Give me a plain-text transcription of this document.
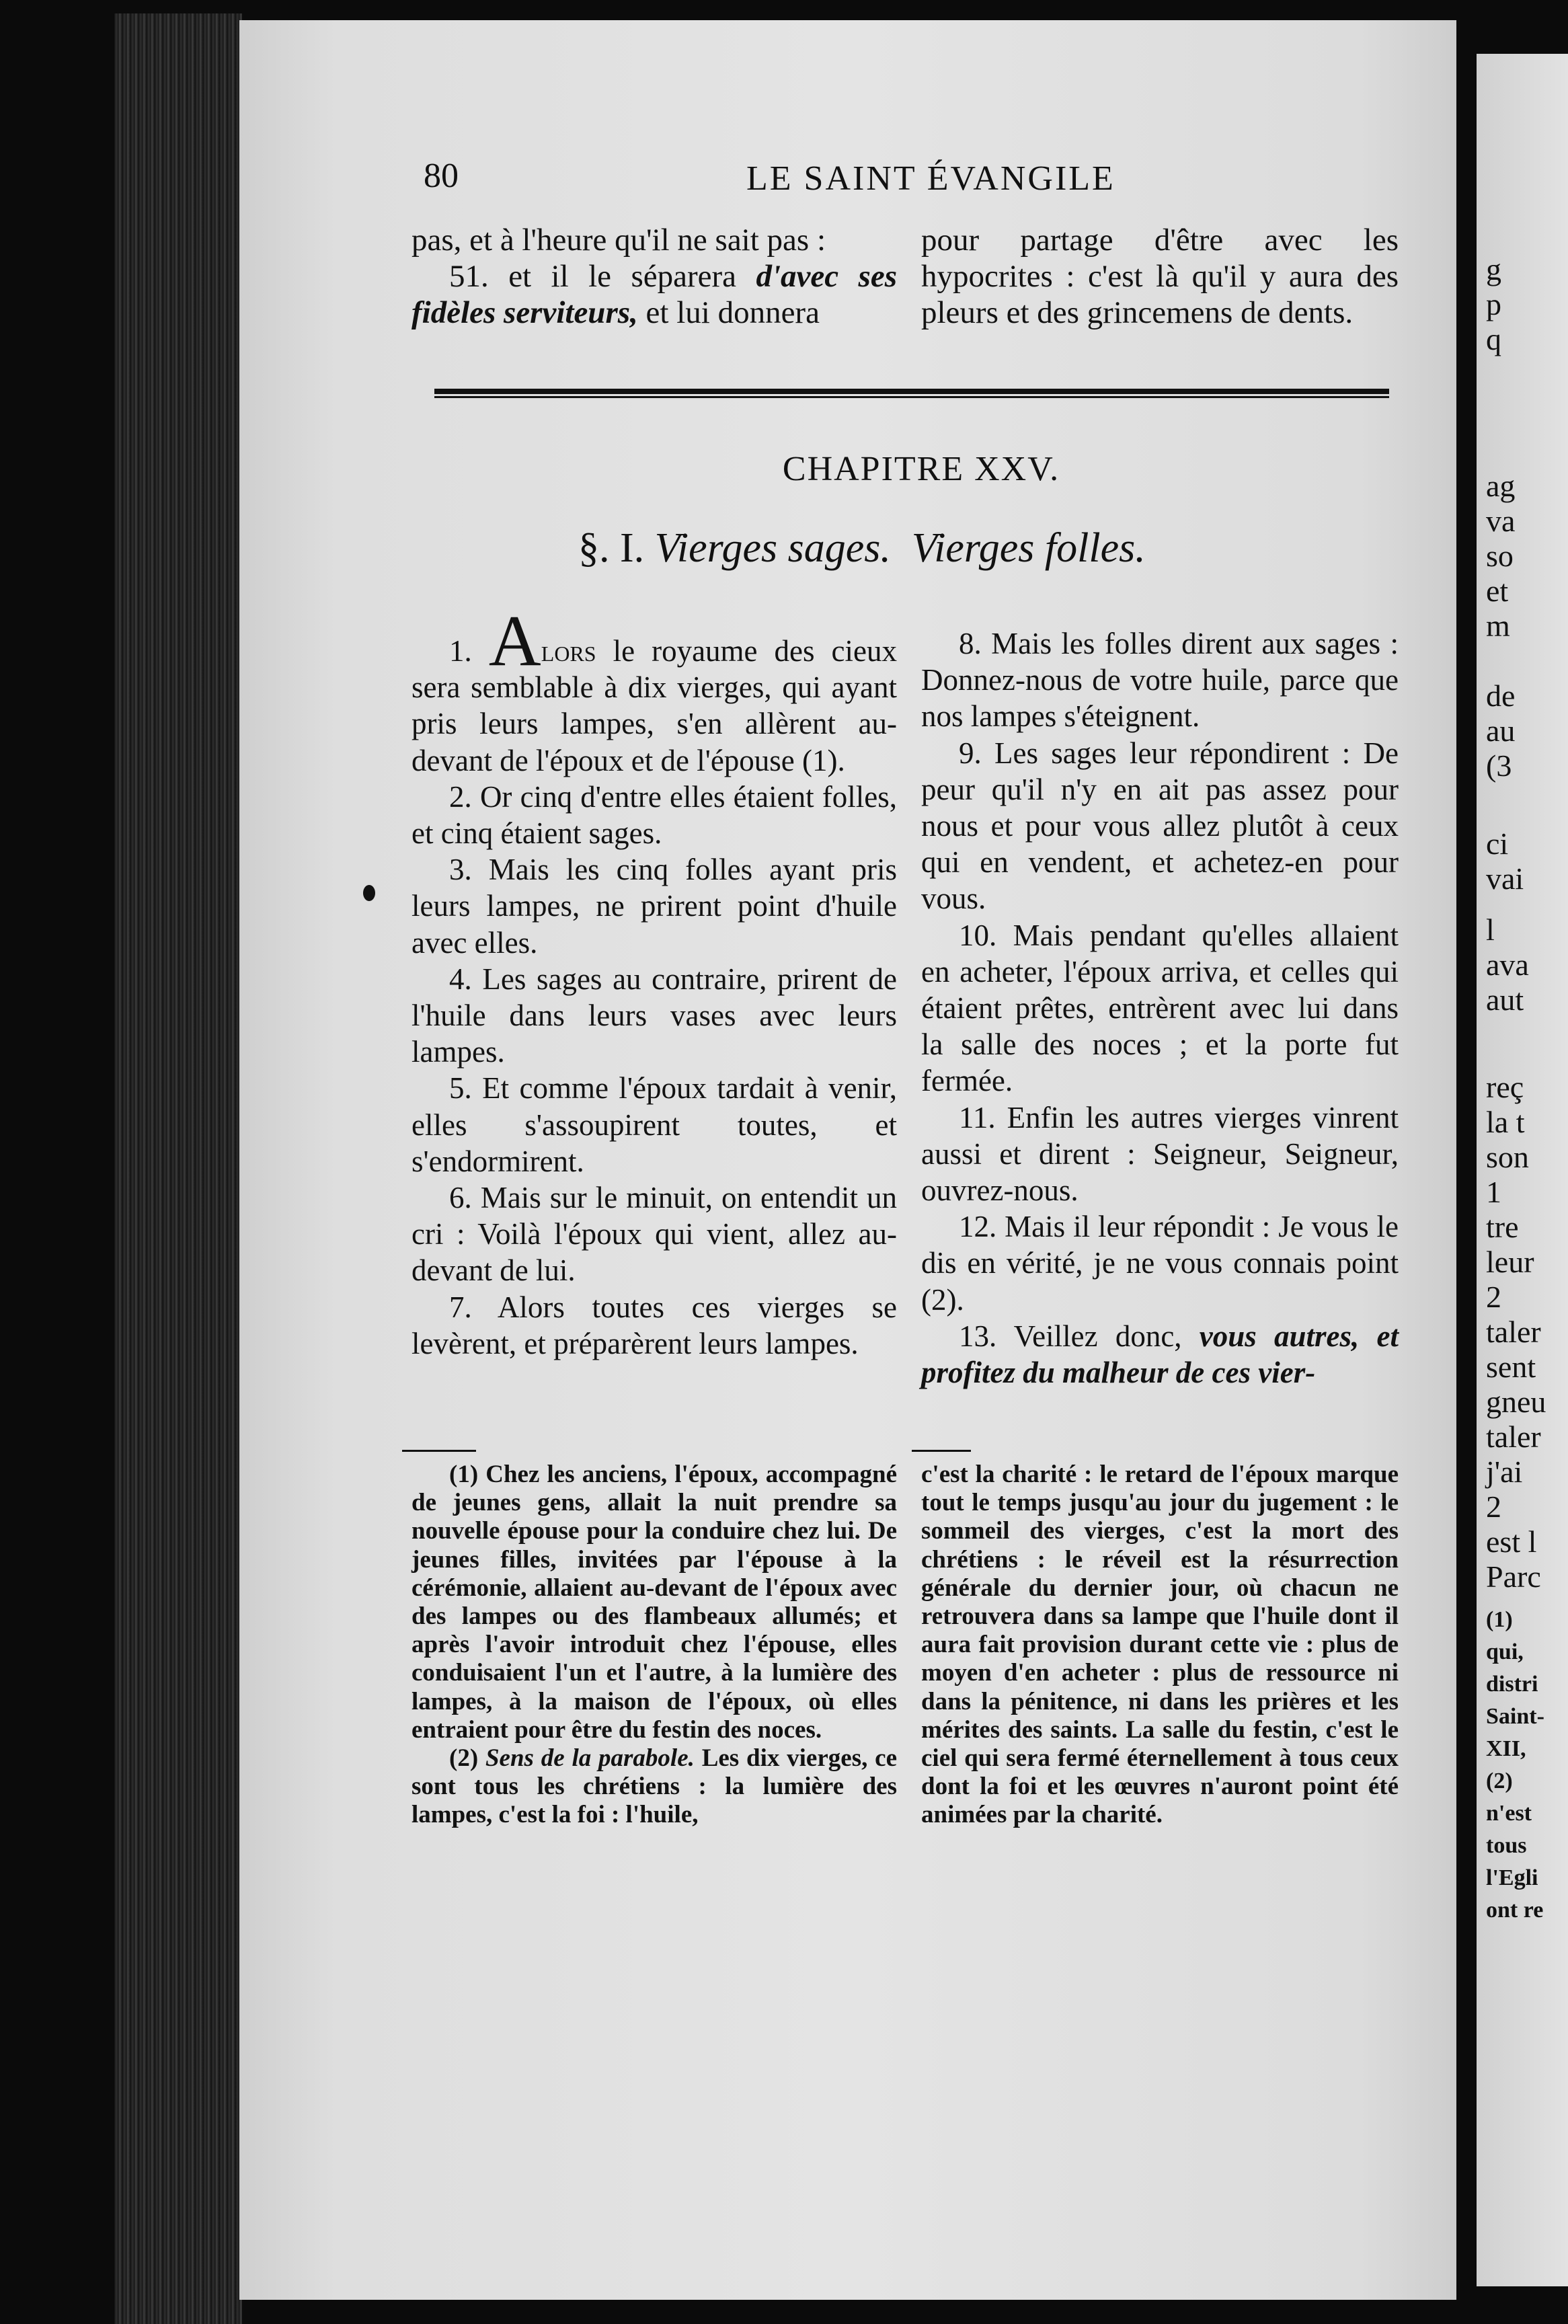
80	LE SAINT ÉVANGILE

pas, et à l'heure qu'il ne sait pas :

51. et il le séparera d'avec ses fidèles serviteurs, et lui donnera

pour partage d'être avec les hypocrites : c'est là qu'il y aura des pleurs et des grincemens de dents.

CHAPITRE XXV.
§. I. Vierges sages.  Vierges folles.

1. Alors le royaume des cieux sera semblable à dix vierges, qui ayant pris leurs lampes, s'en allèrent au-devant de l'époux et de l'épouse (1).

2. Or cinq d'entre elles étaient folles, et cinq étaient sages.

3. Mais les cinq folles ayant pris leurs lampes, ne prirent point d'huile avec elles.

4. Les sages au contraire, prirent de l'huile dans leurs vases avec leurs lampes.

5. Et comme l'époux tardait à venir, elles s'assoupirent toutes, et s'endormirent.

6. Mais sur le minuit, on entendit un cri : Voilà l'époux qui vient, allez au-devant de lui.

7. Alors toutes ces vierges se levèrent, et préparèrent leurs lampes.

8. Mais les folles dirent aux sages : Donnez-nous de votre huile, parce que nos lampes s'éteignent.

9. Les sages leur répondirent : De peur qu'il n'y en ait pas assez pour nous et pour vous allez plutôt à ceux qui en vendent, et achetez-en pour vous.

10. Mais pendant qu'elles allaient en acheter, l'époux arriva, et celles qui étaient prêtes, entrèrent avec lui dans la salle des noces ; et la porte fut fermée.

11. Enfin les autres vierges vinrent aussi et dirent : Seigneur, Seigneur, ouvrez-nous.

12. Mais il leur répondit : Je vous le dis en vérité, je ne vous connais point (2).

13. Veillez donc, vous autres, et profitez du malheur de ces vier-

(1) Chez les anciens, l'époux, accompagné de jeunes gens, allait la nuit prendre sa nouvelle épouse pour la conduire chez lui. De jeunes filles, invitées par l'épouse à la cérémonie, allaient au-devant de l'époux avec des lampes ou des flambeaux allumés; et après l'avoir introduit chez l'épouse, elles conduisaient l'un et l'autre, à la lumière des lampes, à la maison de l'époux, où elles entraient pour être du festin des noces.

(2) Sens de la parabole. Les dix vierges, ce sont tous les chrétiens : la lumière des lampes, c'est la foi : l'huile,

c'est la charité : le retard de l'époux marque tout le temps jusqu'au jour du jugement : le sommeil des vierges, c'est la mort des chrétiens : le réveil est la résurrection générale du dernier jour, où chacun ne retrouvera dans sa lampe que l'huile dont il aura fait provision durant cette vie : plus de moyen d'en acheter : plus de ressource ni dans la pénitence, ni dans les prières et les mérites des saints. La salle du festin, c'est le ciel qui sera fermé éternellement à tous ceux dont la foi et les œuvres n'auront point été animées par la charité.

g
p
q
ag
va
so
et
m
de
au
(3
ci
vai
l
ava
aut
reç
la t
son
1
tre
leur
2
taler
sent
gneu
taler
j'ai
2
est l
Parc
(1)
qui,
distri
Saint-
XII,
(2)
n'est
tous
l'Egli
ont re
